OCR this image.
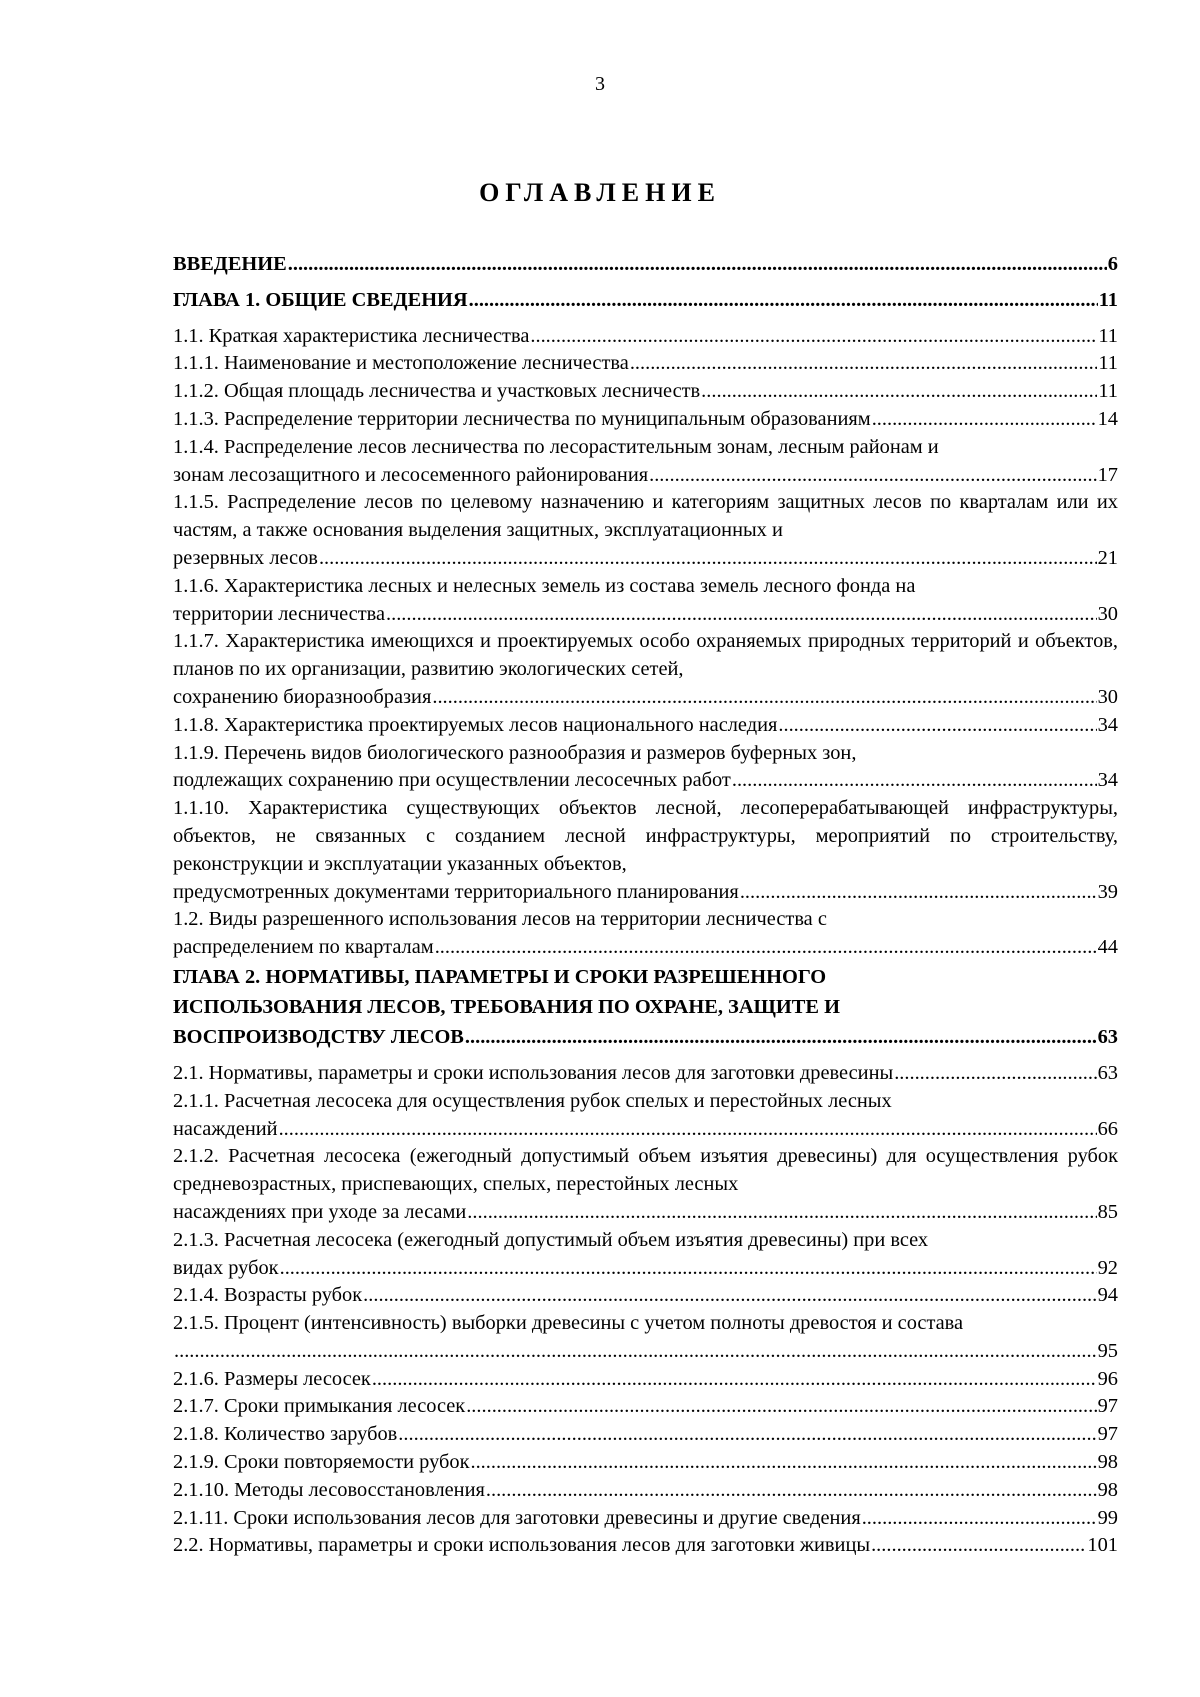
3
ОГЛАВЛЕНИЕ
ВВЕДЕНИЕ .....	6
ГЛАВА 1. ОБЩИЕ СВЕДЕНИЯ .....	11
1.1. Краткая характеристика лесничества .....	11
1.1.1. Наименование и местоположение лесничества .....	11
1.1.2. Общая площадь лесничества и участковых лесничеств .....	11
1.1.3. Распределение территории лесничества по муниципальным образованиям .....	14
1.1.4. Распределение лесов лесничества по лесорастительным зонам, лесным районам и
зонам лесозащитного и лесосеменного районирования .....	17
1.1.5. Распределение лесов по целевому назначению и категориям защитных лесов по кварталам или их частям, а также основания выделения защитных, эксплуатационных и
резервных лесов .....	21
1.1.6. Характеристика лесных и нелесных земель из состава земель лесного фонда на
территории лесничества .....	30
1.1.7. Характеристика имеющихся и проектируемых особо охраняемых природных территорий и объектов, планов по их организации, развитию экологических сетей,
сохранению биоразнообразия .....	30
1.1.8. Характеристика проектируемых лесов национального наследия .....	34
1.1.9. Перечень видов биологического разнообразия и размеров буферных зон,
подлежащих сохранению при осуществлении лесосечных работ .....	34
1.1.10. Характеристика существующих объектов лесной, лесоперерабатывающей инфраструктуры, объектов, не связанных с созданием лесной инфраструктуры, мероприятий по строительству, реконструкции и эксплуатации указанных объектов,
предусмотренных документами территориального планирования .....	39
1.2. Виды разрешенного использования лесов на территории лесничества с
распределением по кварталам .....	44
ГЛАВА 2. НОРМАТИВЫ, ПАРАМЕТРЫ И СРОКИ РАЗРЕШЕННОГО
ИСПОЛЬЗОВАНИЯ ЛЕСОВ, ТРЕБОВАНИЯ ПО ОХРАНЕ, ЗАЩИТЕ И
ВОСПРОИЗВОДСТВУ ЛЕСОВ .....	63
2.1. Нормативы, параметры и сроки использования лесов для заготовки древесины .....	63
2.1.1. Расчетная лесосека для осуществления рубок спелых и перестойных лесных
насаждений .....	66
2.1.2. Расчетная лесосека (ежегодный допустимый объем изъятия древесины) для осуществления рубок средневозрастных, приспевающих, спелых, перестойных лесных
насаждениях при уходе за лесами .....	85
2.1.3. Расчетная лесосека (ежегодный допустимый объем изъятия древесины) при всех
видах рубок .....	92
2.1.4. Возрасты рубок .....	94
2.1.5. Процент (интенсивность) выборки древесины с учетом полноты древостоя и состава
.....
95
2.1.6. Размеры лесосек .....	96
2.1.7. Сроки примыкания лесосек .....	97
2.1.8. Количество зарубов .....	97
2.1.9. Сроки повторяемости рубок .....	98
2.1.10. Методы лесовосстановления .....	98
2.1.11. Сроки использования лесов для заготовки древесины и другие сведения .....	99
2.2. Нормативы, параметры и сроки использования лесов для заготовки живицы .....	101
